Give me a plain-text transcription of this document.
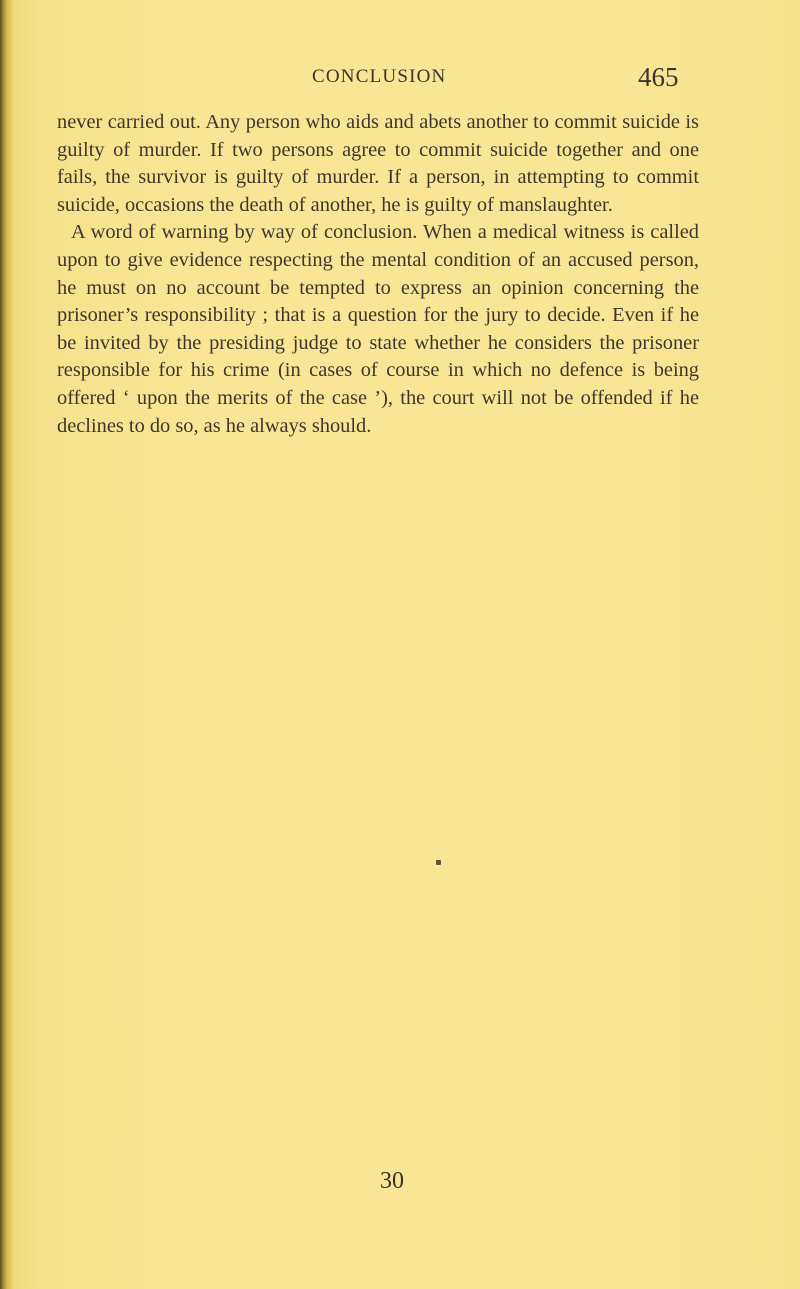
CONCLUSION	465

never carried out. Any person who aids and abets another to commit suicide is guilty of murder. If two persons agree to commit suicide together and one fails, the survivor is guilty of murder. If a person, in attempting to commit suicide, occasions the death of another, he is guilty of manslaughter.

A word of warning by way of conclusion. When a medical witness is called upon to give evidence respecting the mental condition of an accused person, he must on no account be tempted to express an opinion concerning the prisoner’s responsibility ; that is a question for the jury to decide. Even if he be invited by the presiding judge to state whether he considers the prisoner responsible for his crime (in cases of course in which no defence is being offered ‘ upon the merits of the case ’), the court will not be offended if he declines to do so, as he always should.

30
